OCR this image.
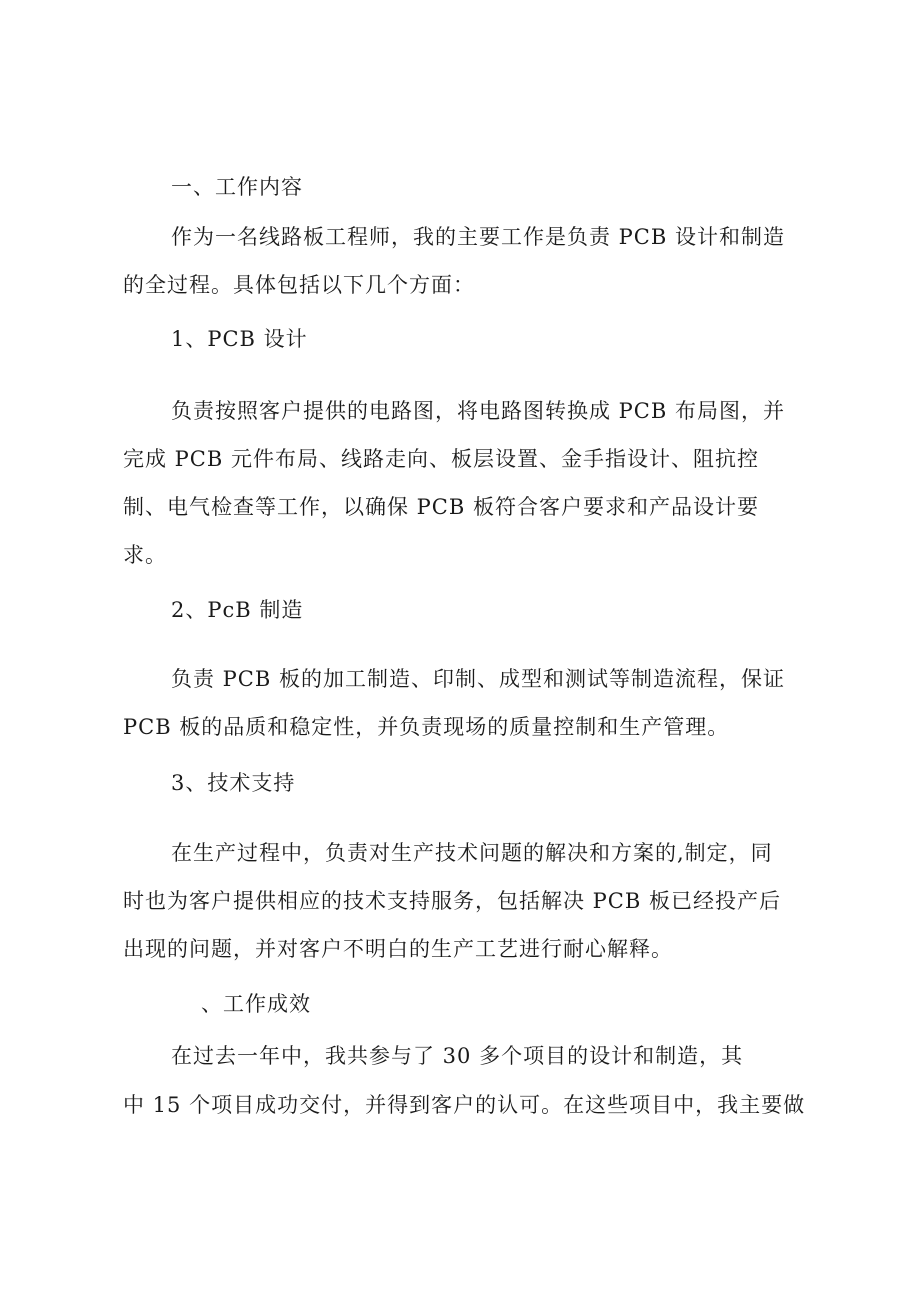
一、工作内容

作为一名线路板工程师，我的主要工作是负责 PCB 设计和制造

的全过程。具体包括以下几个方面：

1、PCB 设计

负责按照客户提供的电路图，将电路图转换成 PCB 布局图，并

完成 PCB 元件布局、线路走向、板层设置、金手指设计、阻抗控

制、电气检查等工作，以确保 PCB 板符合客户要求和产品设计要

求。

2、PcB 制造

负责 PCB 板的加工制造、印制、成型和测试等制造流程，保证

PCB 板的品质和稳定性，并负责现场的质量控制和生产管理。

3、技术支持

在生产过程中，负责对生产技术问题的解决和方案的,制定，同

时也为客户提供相应的技术支持服务，包括解决 PCB 板已经投产后

出现的问题，并对客户不明白的生产工艺进行耐心解释。

、工作成效

在过去一年中，我共参与了 30 多个项目的设计和制造，其

中 15 个项目成功交付，并得到客户的认可。在这些项目中，我主要做
